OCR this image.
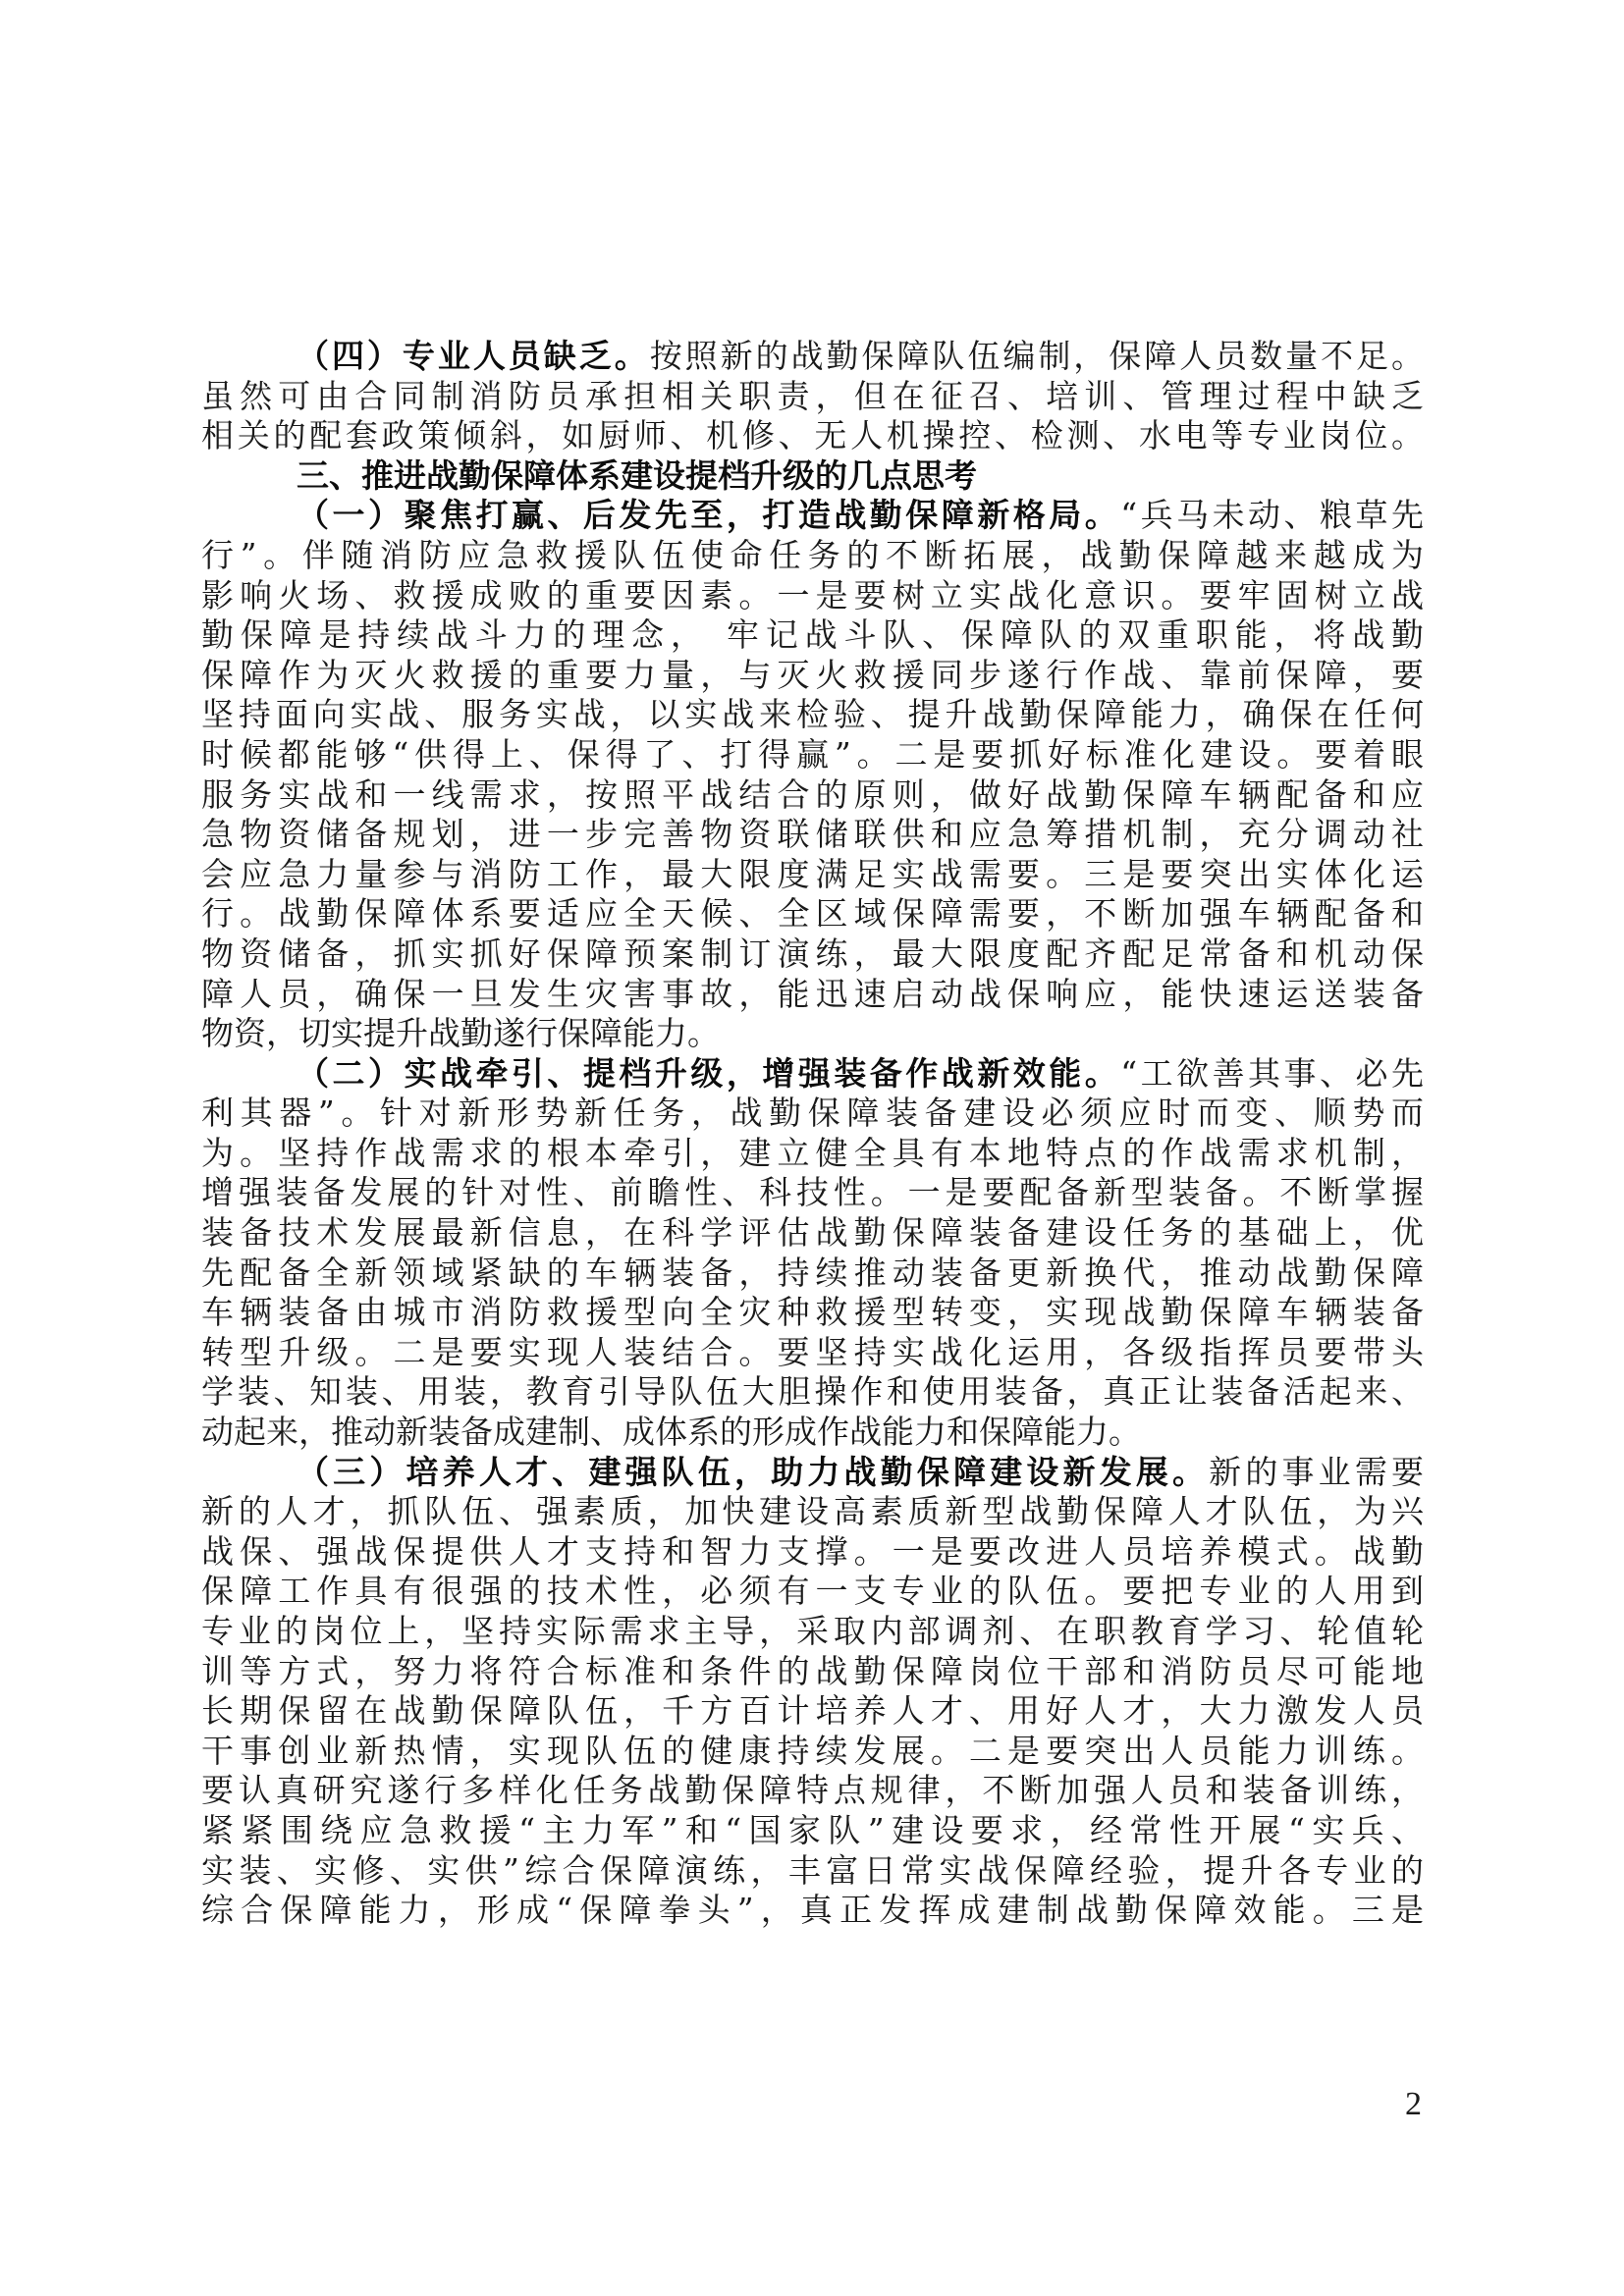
（四）专业人员缺乏。按照新的战勤保障队伍编制，保障人员数量不足。
虽然可由合同制消防员承担相关职责，但在征召、培训、管理过程中缺乏
相关的配套政策倾斜，如厨师、机修、无人机操控、检测、水电等专业岗位。
三、推进战勤保障体系建设提档升级的几点思考
（一）聚焦打赢、后发先至，打造战勤保障新格局。“兵马未动、粮草先
行”。伴随消防应急救援队伍使命任务的不断拓展，战勤保障越来越成为
影响火场、救援成败的重要因素。一是要树立实战化意识。要牢固树立战
勤保障是持续战斗力的理念， 牢记战斗队、保障队的双重职能，将战勤
保障作为灭火救援的重要力量，与灭火救援同步遂行作战、靠前保障，要
坚持面向实战、服务实战，以实战来检验、提升战勤保障能力，确保在任何
时候都能够“供得上、保得了、打得赢”。二是要抓好标准化建设。要着眼
服务实战和一线需求，按照平战结合的原则，做好战勤保障车辆配备和应
急物资储备规划，进一步完善物资联储联供和应急筹措机制，充分调动社
会应急力量参与消防工作，最大限度满足实战需要。三是要突出实体化运
行。战勤保障体系要适应全天候、全区域保障需要，不断加强车辆配备和
物资储备，抓实抓好保障预案制订演练，最大限度配齐配足常备和机动保
障人员，确保一旦发生灾害事故，能迅速启动战保响应，能快速运送装备
物资，切实提升战勤遂行保障能力。
（二）实战牵引、提档升级，增强装备作战新效能。“工欲善其事、必先
利其器”。针对新形势新任务，战勤保障装备建设必须应时而变、顺势而
为。坚持作战需求的根本牵引，建立健全具有本地特点的作战需求机制，
增强装备发展的针对性、前瞻性、科技性。一是要配备新型装备。不断掌握
装备技术发展最新信息，在科学评估战勤保障装备建设任务的基础上，优
先配备全新领域紧缺的车辆装备，持续推动装备更新换代，推动战勤保障
车辆装备由城市消防救援型向全灾种救援型转变，实现战勤保障车辆装备
转型升级。二是要实现人装结合。要坚持实战化运用，各级指挥员要带头
学装、知装、用装，教育引导队伍大胆操作和使用装备，真正让装备活起来、
动起来，推动新装备成建制、成体系的形成作战能力和保障能力。
（三）培养人才、建强队伍，助力战勤保障建设新发展。新的事业需要
新的人才，抓队伍、强素质，加快建设高素质新型战勤保障人才队伍，为兴
战保、强战保提供人才支持和智力支撑。一是要改进人员培养模式。战勤
保障工作具有很强的技术性，必须有一支专业的队伍。要把专业的人用到
专业的岗位上，坚持实际需求主导，采取内部调剂、在职教育学习、轮值轮
训等方式，努力将符合标准和条件的战勤保障岗位干部和消防员尽可能地
长期保留在战勤保障队伍，千方百计培养人才、用好人才，大力激发人员
干事创业新热情，实现队伍的健康持续发展。二是要突出人员能力训练。
要认真研究遂行多样化任务战勤保障特点规律，不断加强人员和装备训练，
紧紧围绕应急救援“主力军”和“国家队”建设要求，经常性开展“实兵、
实装、实修、实供”综合保障演练，丰富日常实战保障经验，提升各专业的
综合保障能力，形成“保障拳头”，真正发挥成建制战勤保障效能。三是
2
